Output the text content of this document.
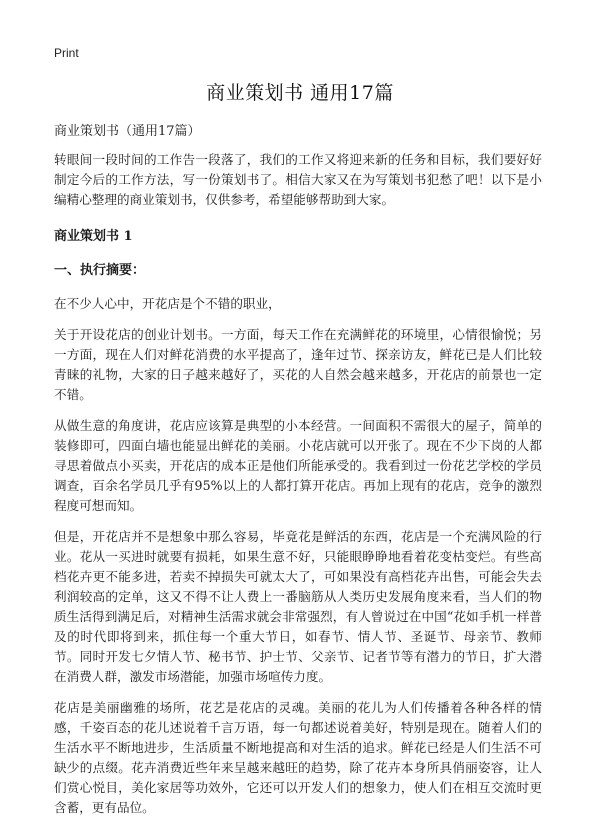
Print
商业策划书 通用17篇
商业策划书（通用17篇）

转眼间一段时间的工作告一段落了，我们的工作又将迎来新的任务和目标，我们要好好制定今后的工作方法，写一份策划书了。相信大家又在为写策划书犯愁了吧！以下是小编精心整理的商业策划书，仅供参考，希望能够帮助到大家。

商业策划书 1
一、执行摘要：

在不少人心中，开花店是个不错的职业，

关于开设花店的创业计划书。一方面，每天工作在充满鲜花的环境里，心情很愉悦；另一方面，现在人们对鲜花消费的水平提高了，逢年过节、探亲访友，鲜花已是人们比较青睐的礼物，大家的日子越来越好了，买花的人自然会越来越多，开花店的前景也一定不错。

从做生意的角度讲，花店应该算是典型的小本经营。一间面积不需很大的屋子，简单的装修即可，四面白墙也能显出鲜花的美丽。小花店就可以开张了。现在不少下岗的人都寻思着做点小买卖，开花店的成本正是他们所能承受的。我看到过一份花艺学校的学员调查，百余名学员几乎有95%以上的人都打算开花店。再加上现有的花店，竞争的激烈程度可想而知。

但是，开花店并不是想象中那么容易，毕竟花是鲜活的东西，花店是一个充满风险的行业。花从一买进时就要有损耗，如果生意不好，只能眼睁睁地看着花变枯变烂。有些高档花卉更不能多进，若卖不掉损失可就太大了，可如果没有高档花卉出售，可能会失去利润较高的定单，这又不得不让人费上一番脑筋从人类历史发展角度来看，当人们的物质生活得到满足后，对精神生活需求就会非常强烈，有人曾说过在中国“花如手机一样普及的时代即将到来，抓住每一个重大节日，如春节、情人节、圣诞节、母亲节、教师节。同时开发七夕情人节、秘书节、护士节、父亲节、记者节等有潜力的节日，扩大潜在消费人群，激发市场潜能，加强市场喧传力度。

花店是美丽幽雅的场所，花艺是花店的灵魂。美丽的花儿为人们传播着各种各样的情感，千姿百态的花儿述说着千言万语，每一句都述说着美好，特别是现在。随着人们的生活水平不断地进步，生活质量不断地提高和对生活的追求。鲜花已经是人们生活不可缺少的点缀。花卉消费近些年来呈越来越旺的趋势，除了花卉本身所具俏丽姿容，让人们赏心悦目，美化家居等功效外，它还可以开发人们的想象力，使人们在相互交流时更含蓄，更有品位。
